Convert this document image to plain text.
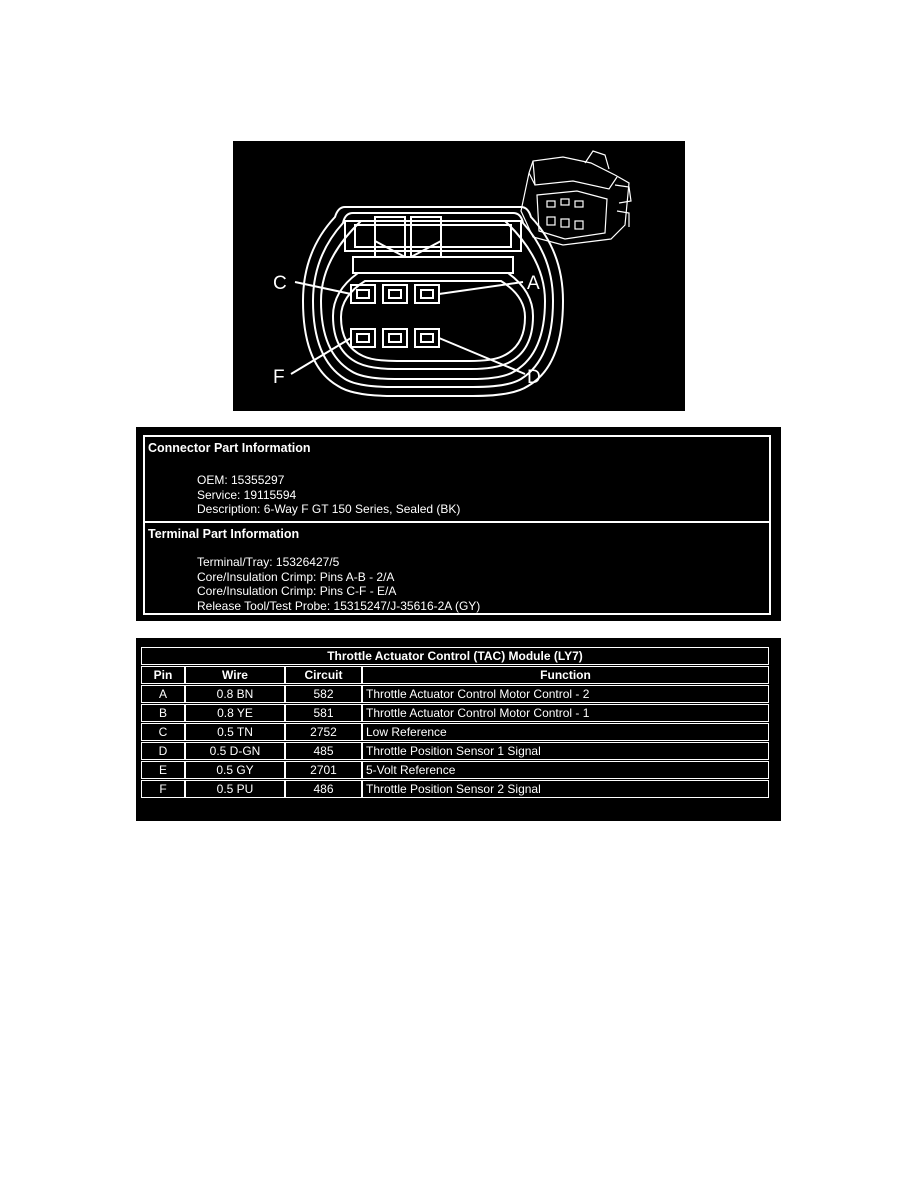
C	A
F	D
Connector Part Information
OEM: 15355297
Service: 19115594
Description: 6-Way F GT 150 Series, Sealed (BK)
Terminal Part Information
Terminal/Tray: 15326427/5
Core/Insulation Crimp: Pins A-B - 2/A
Core/Insulation Crimp: Pins C-F - E/A
Release Tool/Test Probe: 15315247/J-35616-2A (GY)
Throttle Actuator Control (TAC) Module (LY7)			
Pin	Wire	Circuit	Function
A	0.8 BN	582	Throttle Actuator Control Motor Control - 2
B	0.8 YE	581	Throttle Actuator Control Motor Control - 1
C	0.5 TN	2752	Low Reference
D	0.5 D-GN	485	Throttle Position Sensor 1 Signal
E	0.5 GY	2701	5-Volt Reference
F	0.5 PU	486	Throttle Position Sensor 2 Signal
